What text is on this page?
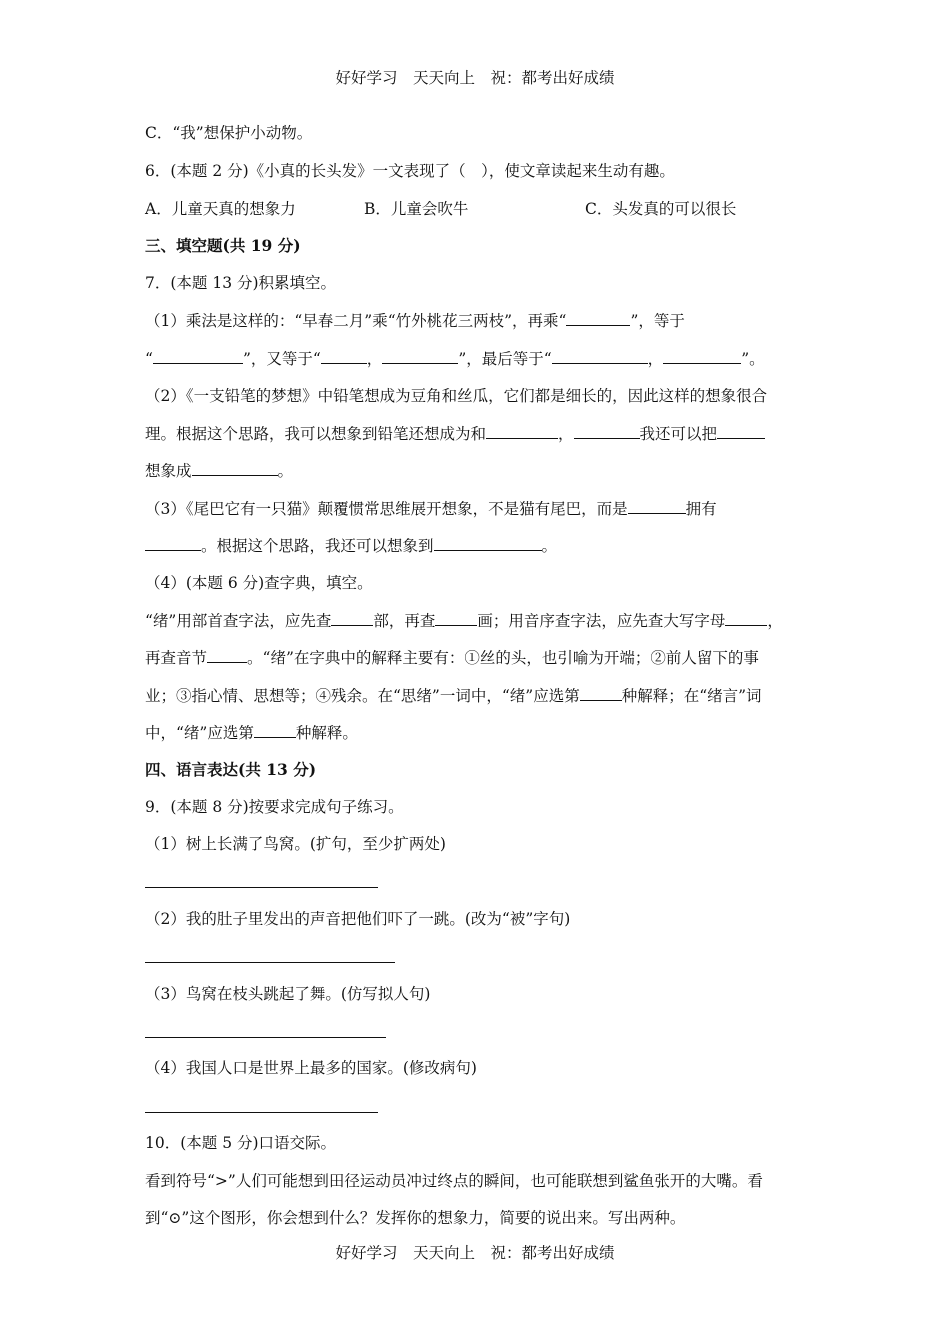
好好学习　天天向上　祝：都考出好成绩
C．“我”想保护小动物。
6．(本题 2 分)《小真的长头发》一文表现了（　），使文章读起来生动有趣。
A．儿童天真的想象力	B．儿童会吹牛	C．头发真的可以很长
三、填空题(共 19 分)
7．(本题 13 分)积累填空。
（1）乘法是这样的：“早春二月”乘“竹外桃花三两枝”，再乘“	”，等于
“	”，又等于“	，	”，最后等于“	，	”。
（2）《一支铅笔的梦想》中铅笔想成为豆角和丝瓜，它们都是细长的，因此这样的想象很合
理。根据这个思路，我可以想象到铅笔还想成为和	，	我还可以把
想象成	。
（3）《尾巴它有一只猫》颠覆惯常思维展开想象，不是猫有尾巴，而是	拥有
。根据这个思路，我还可以想象到	。
（4）(本题 6 分)查字典，填空。
“绪”用部首查字法，应先查	部，再查	画；用音序查字法，应先查大写字母	，
再查音节	。“绪”在字典中的解释主要有：①丝的头，也引喻为开端；②前人留下的事
业；③指心情、思想等；④残余。在“思绪”一词中，“绪”应选第	种解释；在“绪言”词
中，“绪”应选第	种解释。
四、语言表达(共 13 分)
9．(本题 8 分)按要求完成句子练习。
（1）树上长满了鸟窝。(扩句，至少扩两处)
（2）我的肚子里发出的声音把他们吓了一跳。(改为“被”字句)
（3）鸟窝在枝头跳起了舞。(仿写拟人句)
（4）我国人口是世界上最多的国家。(修改病句)
10．(本题 5 分)口语交际。
看到符号“>”人们可能想到田径运动员冲过终点的瞬间，也可能联想到鲨鱼张开的大嘴。看
到“⊙”这个图形，你会想到什么？发挥你的想象力，简要的说出来。写出两种。
好好学习　天天向上　祝：都考出好成绩
